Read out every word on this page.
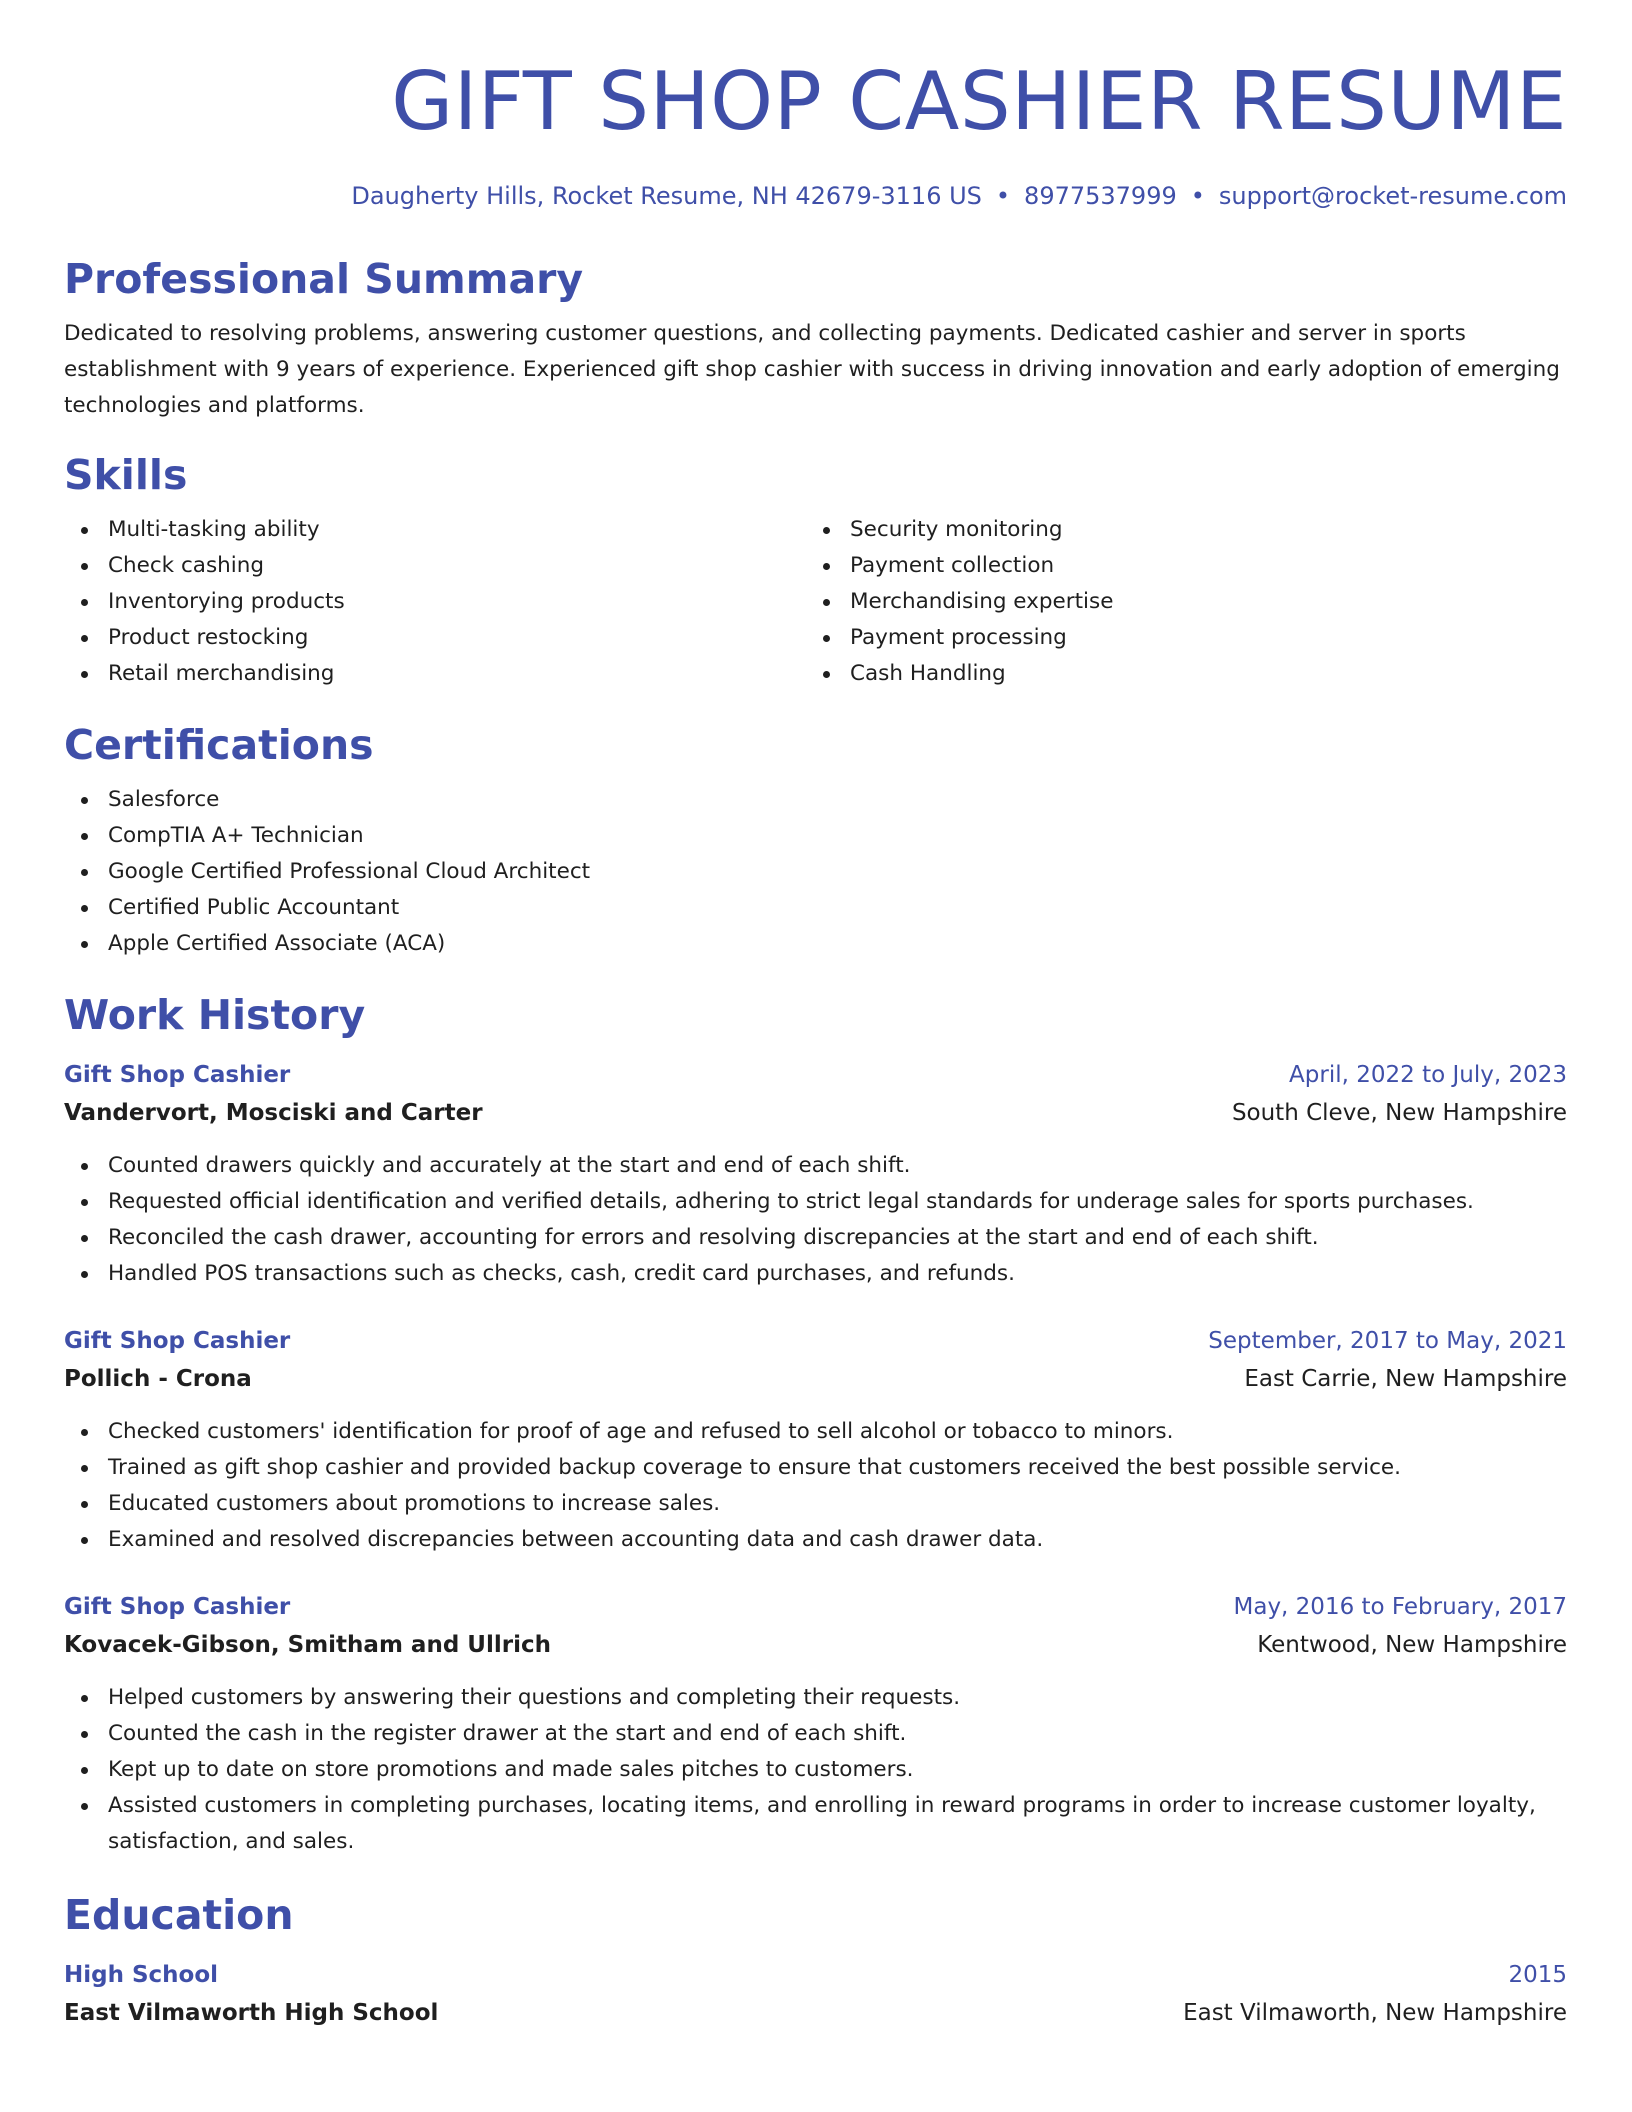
GIFT SHOP CASHIER RESUME
Daugherty Hills, Rocket Resume, NH 42679-3116 US • 8977537999 • support@rocket-resume.com
Professional Summary
Dedicated to resolving problems, answering customer questions, and collecting payments. Dedicated cashier and server in sports establishment with 9 years of experience. Experienced gift shop cashier with success in driving innovation and early adoption of emerging technologies and platforms.
Skills
Multi-tasking ability
Check cashing
Inventorying products
Product restocking
Retail merchandising
Security monitoring
Payment collection
Merchandising expertise
Payment processing
Cash Handling
Certifications
Salesforce
CompTIA A+ Technician
Google Certified Professional Cloud Architect
Certified Public Accountant
Apple Certified Associate (ACA)
Work History
Gift Shop Cashier	April, 2022 to July, 2023
Vandervort, Mosciski and Carter	South Cleve, New Hampshire
Counted drawers quickly and accurately at the start and end of each shift.
Requested official identification and verified details, adhering to strict legal standards for underage sales for sports purchases.
Reconciled the cash drawer, accounting for errors and resolving discrepancies at the start and end of each shift.
Handled POS transactions such as checks, cash, credit card purchases, and refunds.
Gift Shop Cashier	September, 2017 to May, 2021
Pollich - Crona	East Carrie, New Hampshire
Checked customers' identification for proof of age and refused to sell alcohol or tobacco to minors.
Trained as gift shop cashier and provided backup coverage to ensure that customers received the best possible service.
Educated customers about promotions to increase sales.
Examined and resolved discrepancies between accounting data and cash drawer data.
Gift Shop Cashier	May, 2016 to February, 2017
Kovacek-Gibson, Smitham and Ullrich	Kentwood, New Hampshire
Helped customers by answering their questions and completing their requests.
Counted the cash in the register drawer at the start and end of each shift.
Kept up to date on store promotions and made sales pitches to customers.
Assisted customers in completing purchases, locating items, and enrolling in reward programs in order to increase customer loyalty, satisfaction, and sales.
Education
High School	2015
East Vilmaworth High School	East Vilmaworth, New Hampshire
